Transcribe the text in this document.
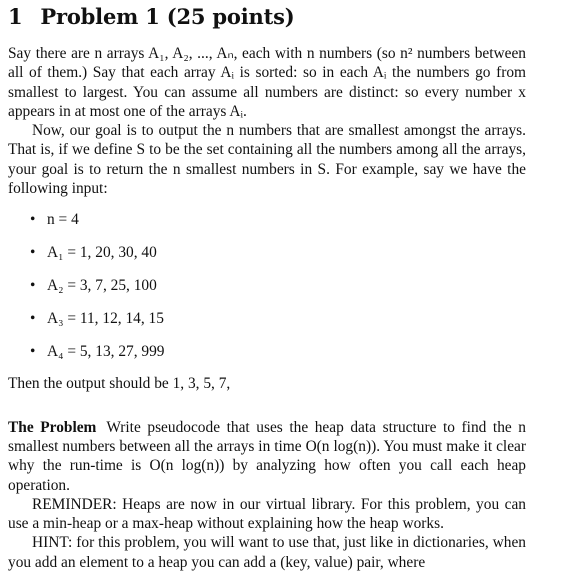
1 Problem 1 (25 points)

Say there are n arrays A₁, A₂, ..., Aₙ, each with n numbers (so n² numbers between all of them.) Say that each array Aᵢ is sorted: so in each Aᵢ the numbers go from smallest to largest. You can assume all numbers are distinct: so every number x appears in at most one of the arrays Aᵢ.

Now, our goal is to output the n numbers that are smallest amongst the arrays. That is, if we define S to be the set containing all the numbers among all the arrays, your goal is to return the n smallest numbers in S. For example, say we have the following input:

• n = 4
• A₁ = 1, 20, 30, 40
• A₂ = 3, 7, 25, 100
• A₃ = 11, 12, 14, 15
• A₄ = 5, 13, 27, 999

Then the output should be 1, 3, 5, 7,

The Problem Write pseudocode that uses the heap data structure to find the n smallest numbers between all the arrays in time O(n log(n)). You must make it clear why the run-time is O(n log(n)) by analyzing how often you call each heap operation.

REMINDER: Heaps are now in our virtual library. For this problem, you can use a min-heap or a max-heap without explaining how the heap works.

HINT: for this problem, you will want to use that, just like in dictionaries, when you add an element to a heap you can add a (key, value) pair, where
